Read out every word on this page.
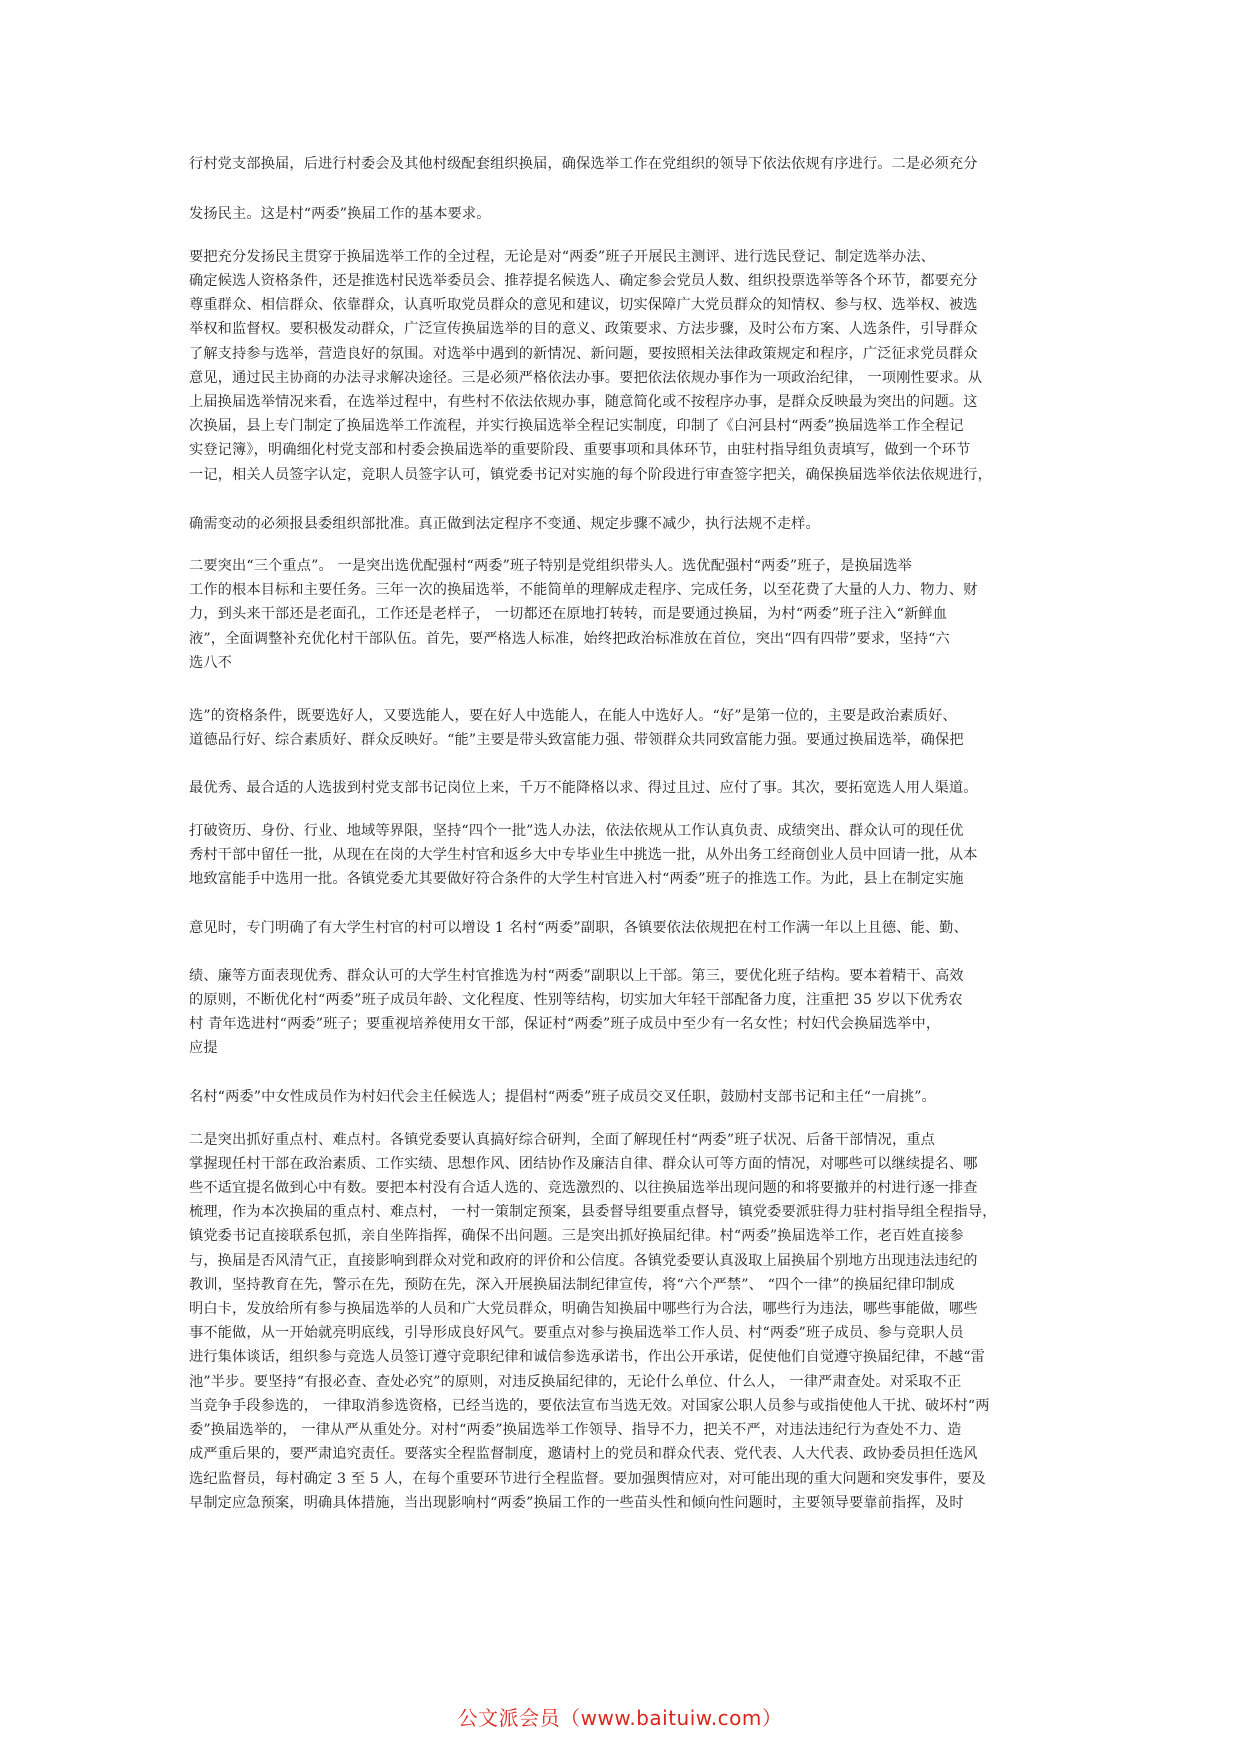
行村党支部换届，后进行村委会及其他村级配套组织换届，确保选举工作在党组织的领导下依法依规有序进行。二是必须充分
发扬民主。这是村“两委”换届工作的基本要求。
要把充分发扬民主贯穿于换届选举工作的全过程，无论是对“两委”班子开展民主测评、进行选民登记、制定选举办法、
确定候选人资格条件，还是推选村民选举委员会、推荐提名候选人、确定参会党员人数、组织投票选举等各个环节，都要充分
尊重群众、相信群众、依靠群众，认真听取党员群众的意见和建议，切实保障广大党员群众的知情权、参与权、选举权、被选
举权和监督权。要积极发动群众，广泛宣传换届选举的目的意义、政策要求、方法步骤，及时公布方案、人选条件，引导群众
了解支持参与选举，营造良好的氛围。对选举中遇到的新情况、新问题，要按照相关法律政策规定和程序，广泛征求党员群众
意见，通过民主协商的办法寻求解决途径。三是必须严格依法办事。要把依法依规办事作为一项政治纪律， 一项刚性要求。从
上届换届选举情况来看，在选举过程中，有些村不依法依规办事，随意简化或不按程序办事，是群众反映最为突出的问题。这
次换届，县上专门制定了换届选举工作流程，并实行换届选举全程记实制度，印制了《白河县村“两委”换届选举工作全程记
实登记簿》，明确细化村党支部和村委会换届选举的重要阶段、重要事项和具体环节，由驻村指导组负责填写，做到一个环节
一记，相关人员签字认定，竞职人员签字认可，镇党委书记对实施的每个阶段进行审查签字把关，确保换届选举依法依规进行，
确需变动的必须报县委组织部批准。真正做到法定程序不变通、规定步骤不减少，执行法规不走样。
二要突出“三个重点”。 一是突出选优配强村“两委”班子特别是党组织带头人。选优配强村“两委”班子，是换届选举
工作的根本目标和主要任务。三年一次的换届选举，不能简单的理解成走程序、完成任务，以至花费了大量的人力、物力、财
力，到头来干部还是老面孔，工作还是老样子， 一切都还在原地打转转，而是要通过换届，为村“两委”班子注入“新鲜血
液”，全面调整补充优化村干部队伍。首先，要严格选人标准，始终把政治标准放在首位，突出“四有四带”要求，坚持“六
选八不
选”的资格条件，既要选好人，又要选能人，要在好人中选能人，在能人中选好人。“好”是第一位的，主要是政治素质好、
道德品行好、综合素质好、群众反映好。“能”主要是带头致富能力强、带领群众共同致富能力强。要通过换届选举，确保把
最优秀、最合适的人选拔到村党支部书记岗位上来，千万不能降格以求、得过且过、应付了事。其次，要拓宽选人用人渠道。
打破资历、身份、行业、地域等界限，坚持“四个一批”选人办法，依法依规从工作认真负责、成绩突出、群众认可的现任优
秀村干部中留任一批，从现在在岗的大学生村官和返乡大中专毕业生中挑选一批，从外出务工经商创业人员中回请一批，从本
地致富能手中选用一批。各镇党委尤其要做好符合条件的大学生村官进入村“两委”班子的推选工作。为此，县上在制定实施
意见时，专门明确了有大学生村官的村可以增设 1 名村“两委”副职，各镇要依法依规把在村工作满一年以上且德、能、勤、
绩、廉等方面表现优秀、群众认可的大学生村官推选为村“两委”副职以上干部。第三，要优化班子结构。要本着精干、高效
的原则，不断优化村“两委”班子成员年龄、文化程度、性别等结构，切实加大年轻干部配备力度，注重把 35 岁以下优秀农
村 青年选进村“两委”班子；要重视培养使用女干部，保证村“两委”班子成员中至少有一名女性；村妇代会换届选举中，
应提
名村“两委”中女性成员作为村妇代会主任候选人；提倡村“两委”班子成员交叉任职，鼓励村支部书记和主任“一肩挑”。
二是突出抓好重点村、难点村。各镇党委要认真搞好综合研判，全面了解现任村“两委”班子状况、后备干部情况，重点
掌握现任村干部在政治素质、工作实绩、思想作风、团结协作及廉洁自律、群众认可等方面的情况，对哪些可以继续提名、哪
些不适宜提名做到心中有数。要把本村没有合适人选的、竞选激烈的、以往换届选举出现问题的和将要撤并的村进行逐一排查
梳理，作为本次换届的重点村、难点村， 一村一策制定预案，县委督导组要重点督导，镇党委要派驻得力驻村指导组全程指导，
镇党委书记直接联系包抓，亲自坐阵指挥，确保不出问题。三是突出抓好换届纪律。村“两委”换届选举工作，老百姓直接参
与，换届是否风清气正，直接影响到群众对党和政府的评价和公信度。各镇党委要认真汲取上届换届个别地方出现违法违纪的
教训，坚持教育在先，警示在先，预防在先，深入开展换届法制纪律宣传，将“六个严禁”、 “四个一律”的换届纪律印制成
明白卡，发放给所有参与换届选举的人员和广大党员群众，明确告知换届中哪些行为合法，哪些行为违法，哪些事能做，哪些
事不能做，从一开始就亮明底线，引导形成良好风气。要重点对参与换届选举工作人员、村“两委”班子成员、参与竞职人员
进行集体谈话，组织参与竞选人员签订遵守竞职纪律和诚信参选承诺书，作出公开承诺，促使他们自觉遵守换届纪律，不越“雷
池”半步。要坚持“有报必查、查处必究”的原则，对违反换届纪律的，无论什么单位、什么人， 一律严肃查处。对采取不正
当竞争手段参选的， 一律取消参选资格，已经当选的，要依法宣布当选无效。对国家公职人员参与或指使他人干扰、破坏村“两
委”换届选举的， 一律从严从重处分。对村“两委”换届选举工作领导、指导不力，把关不严，对违法违纪行为查处不力、造
成严重后果的，要严肃追究责任。要落实全程监督制度，邀请村上的党员和群众代表、党代表、人大代表、政协委员担任选风
选纪监督员，每村确定 3 至 5 人，在每个重要环节进行全程监督。要加强舆情应对，对可能出现的重大问题和突发事件，要及
早制定应急预案，明确具体措施，当出现影响村“两委”换届工作的一些苗头性和倾向性问题时，主要领导要靠前指挥，及时
公文派会员（www.baituiw.com）
